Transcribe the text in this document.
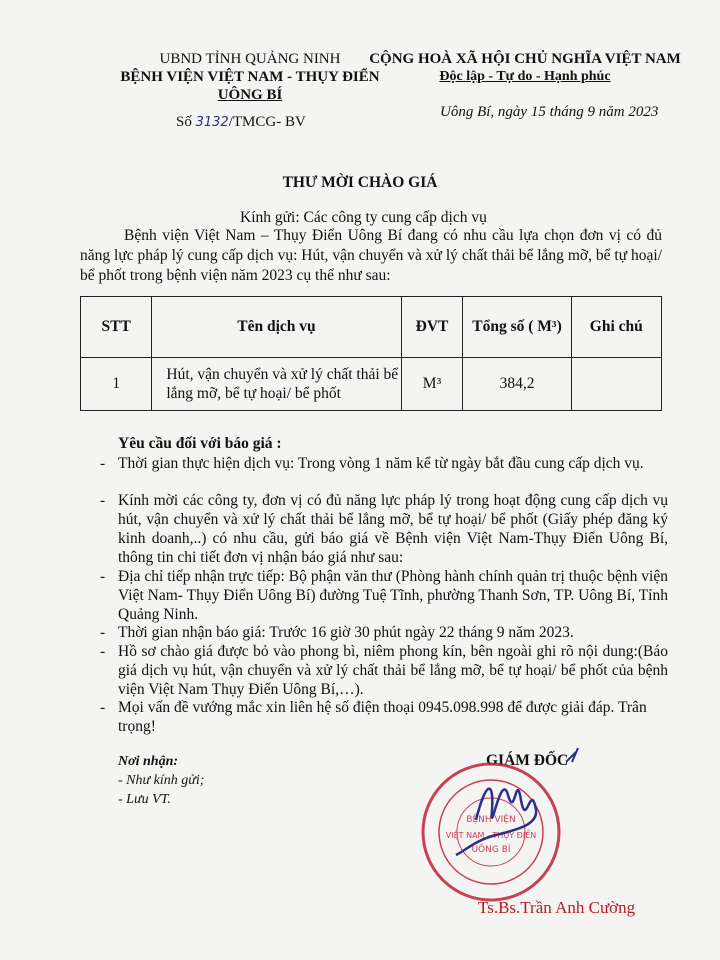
UBND TỈNH QUẢNG NINH
BỆNH VIỆN VIỆT NAM - THỤY ĐIỂN
UÔNG BÍ
Số 3132/TMCG- BV
CỘNG HOÀ XÃ HỘI CHỦ NGHĨA VIỆT NAM
Độc lập - Tự do - Hạnh phúc
Uông Bí, ngày 15 tháng 9 năm 2023
THƯ MỜI CHÀO GIÁ
Kính gửi: Các công ty cung cấp dịch vụ
Bệnh viện Việt Nam – Thụy Điển Uông Bí đang có nhu cầu lựa chọn đơn vị có đủ năng lực pháp lý cung cấp dịch vụ: Hút, vận chuyển và xử lý chất thải bể lắng mỡ, bể tự hoại/ bể phốt trong bệnh viện năm 2023 cụ thể như sau:
STT	Tên dịch vụ	ĐVT	Tổng số ( M³)	Ghi chú
1	Hút, vận chuyển và xử lý chất thải bể lắng mỡ, bể tự hoại/ bể phốt	M³	384,2	
Yêu cầu đối với báo giá :
- Thời gian thực hiện dịch vụ: Trong vòng 1 năm kể từ ngày bắt đầu cung cấp dịch vụ.
- Kính mời các công ty, đơn vị có đủ năng lực pháp lý trong hoạt động cung cấp dịch vụ hút, vận chuyển và xử lý chất thải bể lắng mỡ, bể tự hoại/ bể phốt (Giấy phép đăng ký kinh doanh,..) có nhu cầu, gửi báo giá về Bệnh viện Việt Nam-Thụy Điển Uông Bí, thông tin chi tiết đơn vị nhận báo giá như sau:
- Địa chỉ tiếp nhận trực tiếp: Bộ phận văn thư (Phòng hành chính quản trị thuộc bệnh viện Việt Nam- Thụy Điển Uông Bí) đường Tuệ Tĩnh, phường Thanh Sơn, TP. Uông Bí, Tỉnh Quảng Ninh.
- Thời gian nhận báo giá: Trước 16 giờ 30 phút ngày 22 tháng 9 năm 2023.
- Hồ sơ chào giá được bỏ vào phong bì, niêm phong kín, bên ngoài ghi rõ nội dung:(Báo giá dịch vụ hút, vận chuyển và xử lý chất thải bể lắng mỡ, bể tự hoại/ bể phốt của bệnh viện Việt Nam Thụy Điển Uông Bí,…).
- Mọi vấn đề vướng mắc xin liên hệ số điện thoại 0945.098.998 để được giải đáp. Trân trọng!
Nơi nhận:
- Như kính gửi;
- Lưu VT.
GIÁM ĐỐC
BỆNH VIỆN
VIỆT NAM - THỤY ĐIỂN
UÔNG BÍ
Ts.Bs.Trần Anh Cường
